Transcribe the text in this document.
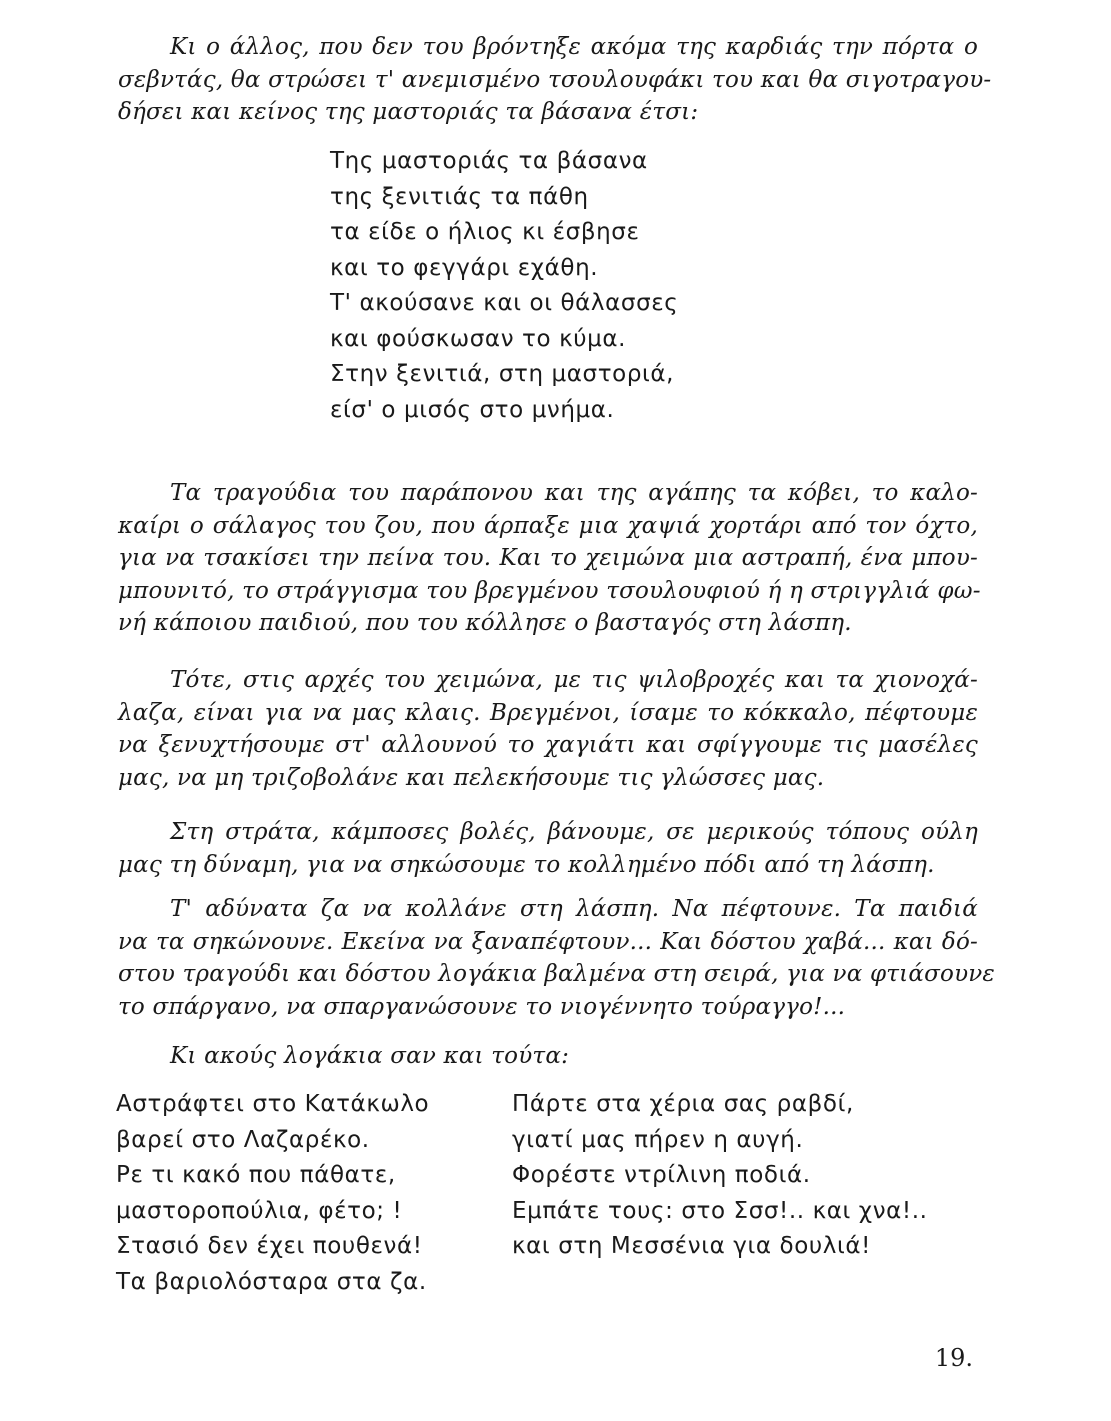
Κι ο άλλος, που δεν του βρόντηξε ακόμα της καρδιάς την πόρτα ο
σεβντάς, θα στρώσει τ' ανεμισμένο τσουλουφάκι του και θα σιγοτραγου-
δήσει και κείνος της μαστοριάς τα βάσανα έτσι:
Της μαστοριάς τα βάσανα
της ξενιτιάς τα πάθη
τα είδε ο ήλιος κι έσβησε
και το φεγγάρι εχάθη.
Τ' ακούσανε και οι θάλασσες
και φούσκωσαν το κύμα.
Στην ξενιτιά, στη μαστοριά,
είσ' ο μισός στο μνήμα.
Τα τραγούδια του παράπονου και της αγάπης τα κόβει, το καλο-
καίρι ο σάλαγος του ζου, που άρπαξε μια χαψιά χορτάρι από τον όχτο,
για να τσακίσει την πείνα του. Και το χειμώνα μια αστραπή, ένα μπου-
μπουνιτό, το στράγγισμα του βρεγμένου τσουλουφιού ή η στριγγλιά φω-
νή κάποιου παιδιού, που του κόλλησε ο βασταγός στη λάσπη.
Τότε, στις αρχές του χειμώνα, με τις ψιλοβροχές και τα χιονοχά-
λαζα, είναι για να μας κλαις. Βρεγμένοι, ίσαμε το κόκκαλο, πέφτουμε
να ξενυχτήσουμε στ' αλλουνού το χαγιάτι και σφίγγουμε τις μασέλες
μας, να μη τριζοβολάνε και πελεκήσουμε τις γλώσσες μας.
Στη στράτα, κάμποσες βολές, βάνουμε, σε μερικούς τόπους ούλη
μας τη δύναμη, για να σηκώσουμε το κολλημένο πόδι από τη λάσπη.
Τ' αδύνατα ζα να κολλάνε στη λάσπη. Να πέφτουνε. Τα παιδιά
να τα σηκώνουνε. Εκείνα να ξαναπέφτουν... Και δόστου χαβά... και δό-
στου τραγούδι και δόστου λογάκια βαλμένα στη σειρά, για να φτιάσουνε
το σπάργανο, να σπαργανώσουνε το νιογέννητο τούραγγο!...
Κι ακούς λογάκια σαν και τούτα:
Αστράφτει στο Κατάκωλο
βαρεί στο Λαζαρέκο.
Ρε τι κακό που πάθατε,
μαστοροπούλια, φέτο; !
Στασιό δεν έχει πουθενά!
Τα βαριολόσταρα στα ζα.
Πάρτε στα χέρια σας ραβδί,
γιατί μας πήρεν η αυγή.
Φορέστε ντρίλινη ποδιά.
Εμπάτε τους: στο Σσσ!.. και χνα!..
και στη Μεσσένια για δουλιά!
19.
